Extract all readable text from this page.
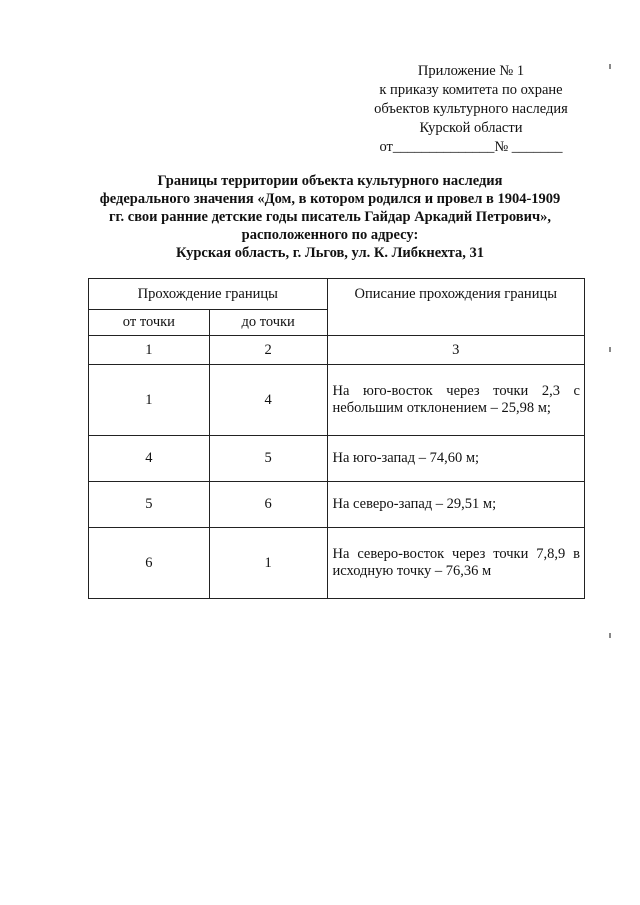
Приложение № 1
к приказу комитета по охране
объектов культурного наследия
Курской области
от______________№ _______
Границы территории объекта культурного наследия
федерального значения «Дом, в котором родился и провел в 1904-1909
гг. свои ранние детские годы писатель Гайдар Аркадий Петрович»,
расположенного по адресу:
Курская область, г. Льгов, ул. К. Либкнехта, 31
Прохождение границы		Описание прохождения границы
от точки	до точки	
1	2	3
1	4	На юго-восток через точки 2,3 с небольшим отклонением – 25,98 м;
4	5	На юго-запад – 74,60 м;
5	6	На северо-запад – 29,51 м;
6	1	На северо-восток через точки 7,8,9 в исходную точку – 76,36 м
